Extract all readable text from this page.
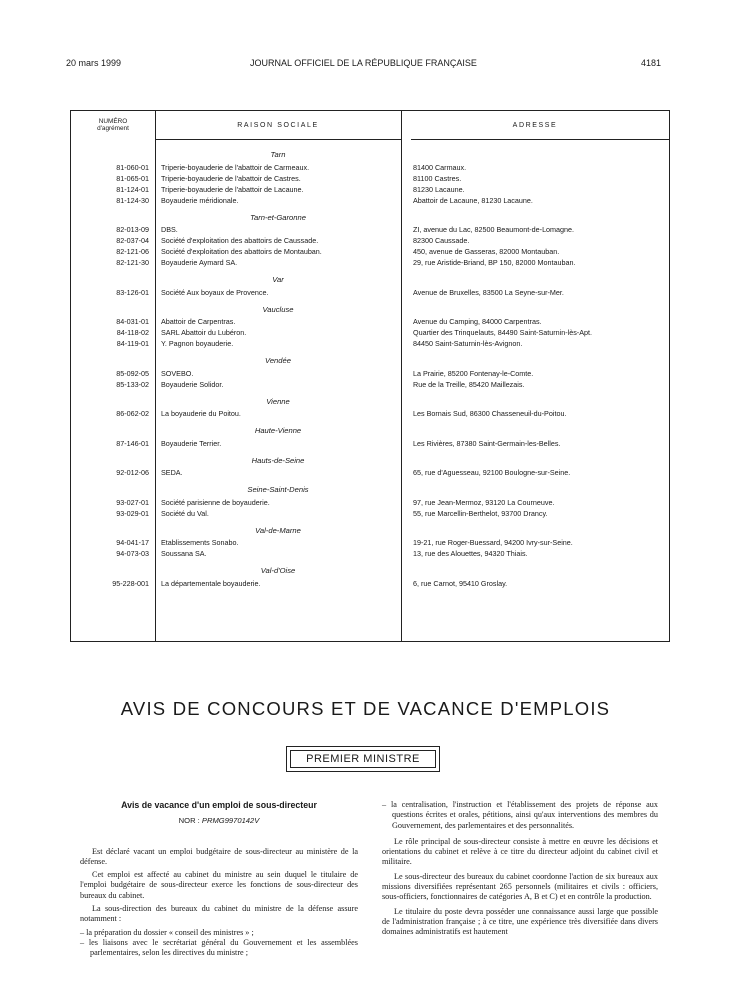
20 mars 1999	JOURNAL OFFICIEL DE LA RÉPUBLIQUE FRANÇAISE	4181
NUMÉRO
d'agrément	RAISON SOCIALE	ADRESSE
Tarn
81-060-01 Triperie-boyauderie de l'abattoir de Carmeaux.	81400 Carmaux.
81-065-01 Triperie-boyauderie de l'abattoir de Castres.	81100 Castres.
81-124-01 Triperie-boyauderie de l'abattoir de Lacaune.	81230 Lacaune.
81-124-30 Boyauderie méridionale.	Abattoir de Lacaune, 81230 Lacaune.
Tarn-et-Garonne
82-013-09 DBS.	ZI, avenue du Lac, 82500 Beaumont-de-Lomagne.
82-037-04 Société d'exploitation des abattoirs de Caussade.	82300 Caussade.
82-121-06 Société d'exploitation des abattoirs de Montauban.	450, avenue de Gasseras, 82000 Montauban.
82-121-30 Boyauderie Aymard SA.	29, rue Aristide-Briand, BP 150, 82000 Montauban.
Var
83-126-01 Société Aux boyaux de Provence.	Avenue de Bruxelles, 83500 La Seyne-sur-Mer.
Vaucluse
84-031-01 Abattoir de Carpentras.	Avenue du Camping, 84000 Carpentras.
84-118-02 SARL Abattoir du Lubéron.	Quartier des Trinquelauts, 84490 Saint-Saturnin-lès-Apt.
84-119-01 Y. Pagnon boyauderie.	84450 Saint-Saturnin-lès-Avignon.
Vendée
85-092-05 SOVEBO.	La Prairie, 85200 Fontenay-le-Comte.
85-133-02 Boyauderie Solidor.	Rue de la Treille, 85420 Maillezais.
Vienne
86-062-02 La boyauderie du Poitou.	Les Bornais Sud, 86300 Chasseneuil-du-Poitou.
Haute-Vienne
87-146-01 Boyauderie Terrier.	Les Rivières, 87380 Saint-Germain-les-Belles.
Hauts-de-Seine
92-012-06 SEDA.	65, rue d'Aguesseau, 92100 Boulogne-sur-Seine.
Seine-Saint-Denis
93-027-01 Société parisienne de boyauderie.	97, rue Jean-Mermoz, 93120 La Courneuve.
93-029-01 Société du Val.	55, rue Marcellin-Berthelot, 93700 Drancy.
Val-de-Marne
94-041-17 Etablissements Sonabo.	19-21, rue Roger-Buessard, 94200 Ivry-sur-Seine.
94-073-03 Soussana SA.	13, rue des Alouettes, 94320 Thiais.
Val-d'Oise
95-228-001 La départementale boyauderie.	6, rue Carnot, 95410 Groslay.
AVIS DE CONCOURS ET DE VACANCE D'EMPLOIS
PREMIER MINISTRE
Avis de vacance d'un emploi de sous-directeur
NOR : PRMG9970142V

Est déclaré vacant un emploi budgétaire de sous-directeur au ministère de la défense.

Cet emploi est affecté au cabinet du ministre au sein duquel le titulaire de l'emploi budgétaire de sous-directeur exerce les fonctions de sous-directeur des bureaux du cabinet.

La sous-direction des bureaux du cabinet du ministre de la défense assure notamment :

– la préparation du dossier « conseil des ministres » ;

– les liaisons avec le secrétariat général du Gouvernement et les assemblées parlementaires, selon les directives du ministre ;

– la centralisation, l'instruction et l'établissement des projets de réponse aux questions écrites et orales, pétitions, ainsi qu'aux interventions des membres du Gouvernement, des parlementaires et des personnalités.

Le rôle principal de sous-directeur consiste à mettre en œuvre les décisions et orientations du cabinet et relève à ce titre du directeur adjoint du cabinet civil et militaire.

Le sous-directeur des bureaux du cabinet coordonne l'action de six bureaux aux missions diversifiées représentant 265 personnels (militaires et civils : officiers, sous-officiers, fonctionnaires de catégories A, B et C) et en contrôle la production.

Le titulaire du poste devra posséder une connaissance aussi large que possible de l'administration française ; à ce titre, une expérience très diversifiée dans divers domaines administratifs est hautement
